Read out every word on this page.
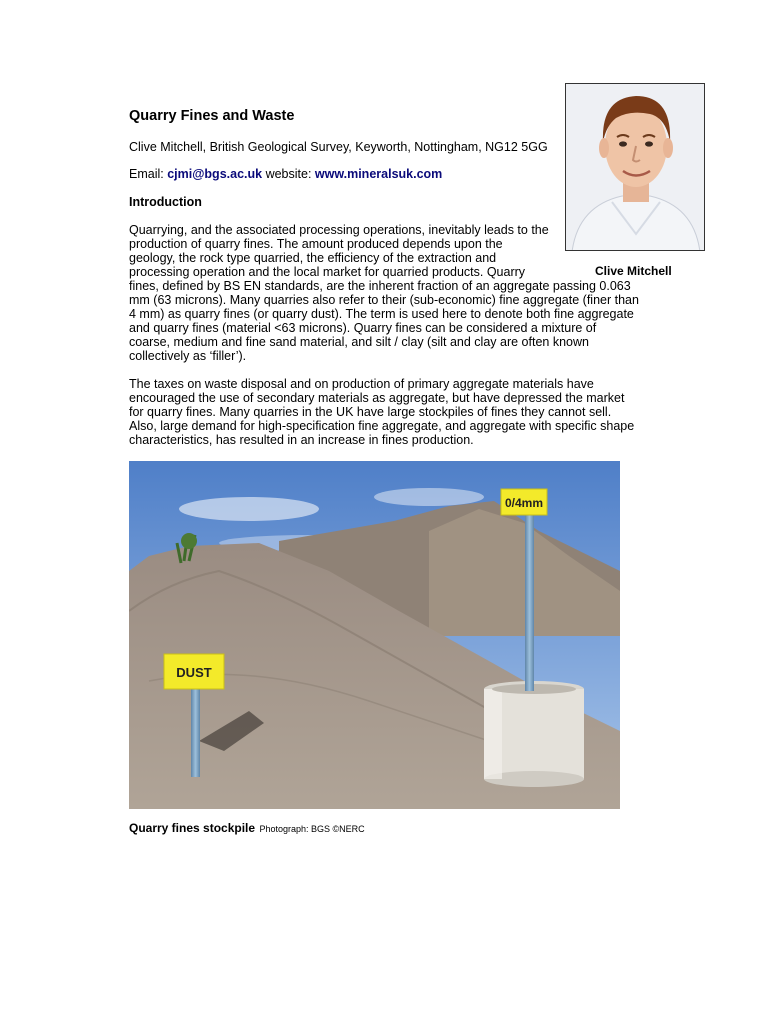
Quarry Fines and Waste

Clive Mitchell, British Geological Survey, Keyworth, Nottingham, NG12 5GG

Email: cjmi@bgs.ac.uk website: www.mineralsuk.com

Introduction

Quarrying, and the associated processing operations, inevitably leads to the production of quarry fines. The amount produced depends upon the geology, the rock type quarried, the efficiency of the extraction and processing operation and the local market for quarried products. Quarry fines, defined by BS EN standards, are the inherent fraction of an aggregate passing 0.063 mm (63 microns). Many quarries also refer to their (sub-economic) fine aggregate (finer than 4 mm) as quarry fines (or quarry dust). The term is used here to denote both fine aggregate and quarry fines (material <63 microns). Quarry fines can be considered a mixture of coarse, medium and fine sand material, and silt / clay (silt and clay are often known collectively as ‘filler’).

The taxes on waste disposal and on production of primary aggregate materials have encouraged the use of secondary materials as aggregate, but have depressed the market for quarry fines. Many quarries in the UK have large stockpiles of fines they cannot sell. Also, large demand for high-specification fine aggregate, and aggregate with specific shape characteristics, has resulted in an increase in fines production.

Clive Mitchell

DUST
0/4mm

Quarry fines stockpile Photograph: BGS ©NERC
